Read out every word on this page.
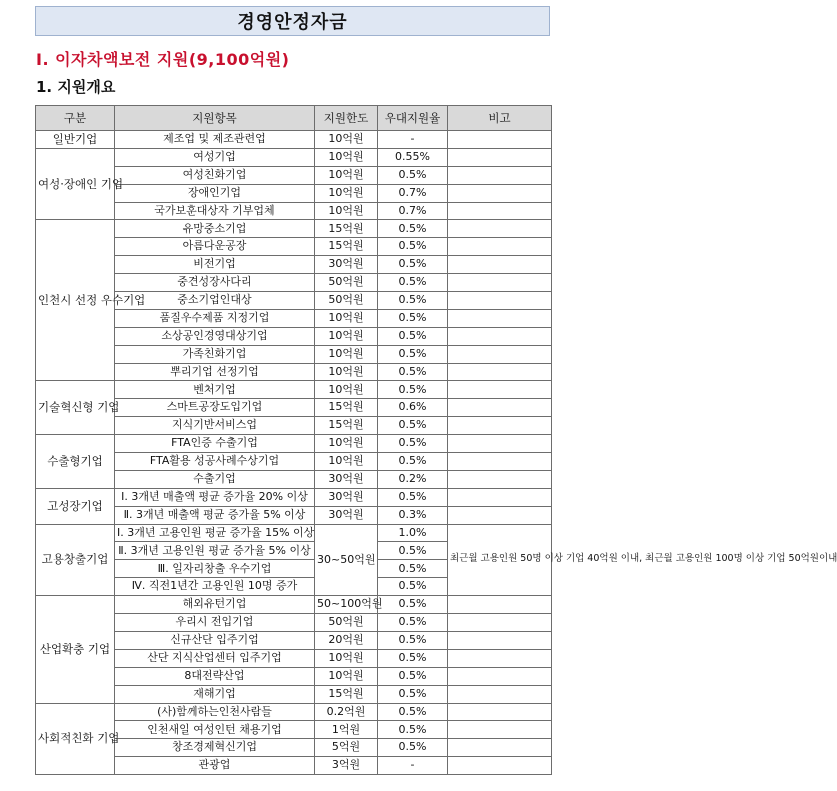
경영안정자금
Ⅰ. 이자차액보전 지원(9,100억원)
1. 지원개요
구분	지원항목	지원한도	우대지원율	비고
일반기업	제조업 및 제조관련업	10억원	-	
여성·장애인 기업	여성기업	10억원	0.55%	
	여성친화기업	10억원	0.5%	
	장애인기업	10억원	0.7%	
	국가보훈대상자 기부업체	10억원	0.7%	
인천시 선정 우수기업	유망중소기업	15억원	0.5%	
	아름다운공장	15억원	0.5%	
	비전기업	30억원	0.5%	
	중견성장사다리	50억원	0.5%	
	중소기업인대상	50억원	0.5%	
	품질우수제품 지정기업	10억원	0.5%	
	소상공인경영대상기업	10억원	0.5%	
	가족친화기업	10억원	0.5%	
	뿌리기업 선정기업	10억원	0.5%	
기술혁신형 기업	벤처기업	10억원	0.5%	
	스마트공장도입기업	15억원	0.6%	
	지식기반서비스업	15억원	0.5%	
수출형기업	FTA인증 수출기업	10억원	0.5%	
	FTA활용 성공사례수상기업	10억원	0.5%	
	수출기업	30억원	0.2%	
고성장기업	Ⅰ. 3개년 매출액 평균 증가율 20% 이상	30억원	0.5%	
	Ⅱ. 3개년 매출액 평균 증가율 5% 이상	30억원	0.3%	
고용창출기업	Ⅰ. 3개년 고용인원 평균 증가율 15% 이상	30~50억원	1.0%	최근월 고용인원 50명 이상 기업 40억원 이내, 최근월 고용인원 100명 이상 기업 50억원이내
	Ⅱ. 3개년 고용인원 평균 증가율 5% 이상		0.5%	
	Ⅲ. 일자리창출 우수기업		0.5%	
	Ⅳ. 직전1년간 고용인원 10명 증가		0.5%	
산업확충 기업	해외유턴기업	50~100억원	0.5%	
	우리시 전입기업	50억원	0.5%	
	신규산단 입주기업	20억원	0.5%	
	산단 지식산업센터 입주기업	10억원	0.5%	
	8대전략산업	10억원	0.5%	
	재해기업	15억원	0.5%	
사회적친화 기업	(사)함께하는인천사람들	0.2억원	0.5%	
	인천새일 여성인턴 채용기업	1억원	0.5%	
	창조경제혁신기업	5억원	0.5%	
	관광업	3억원	-	
